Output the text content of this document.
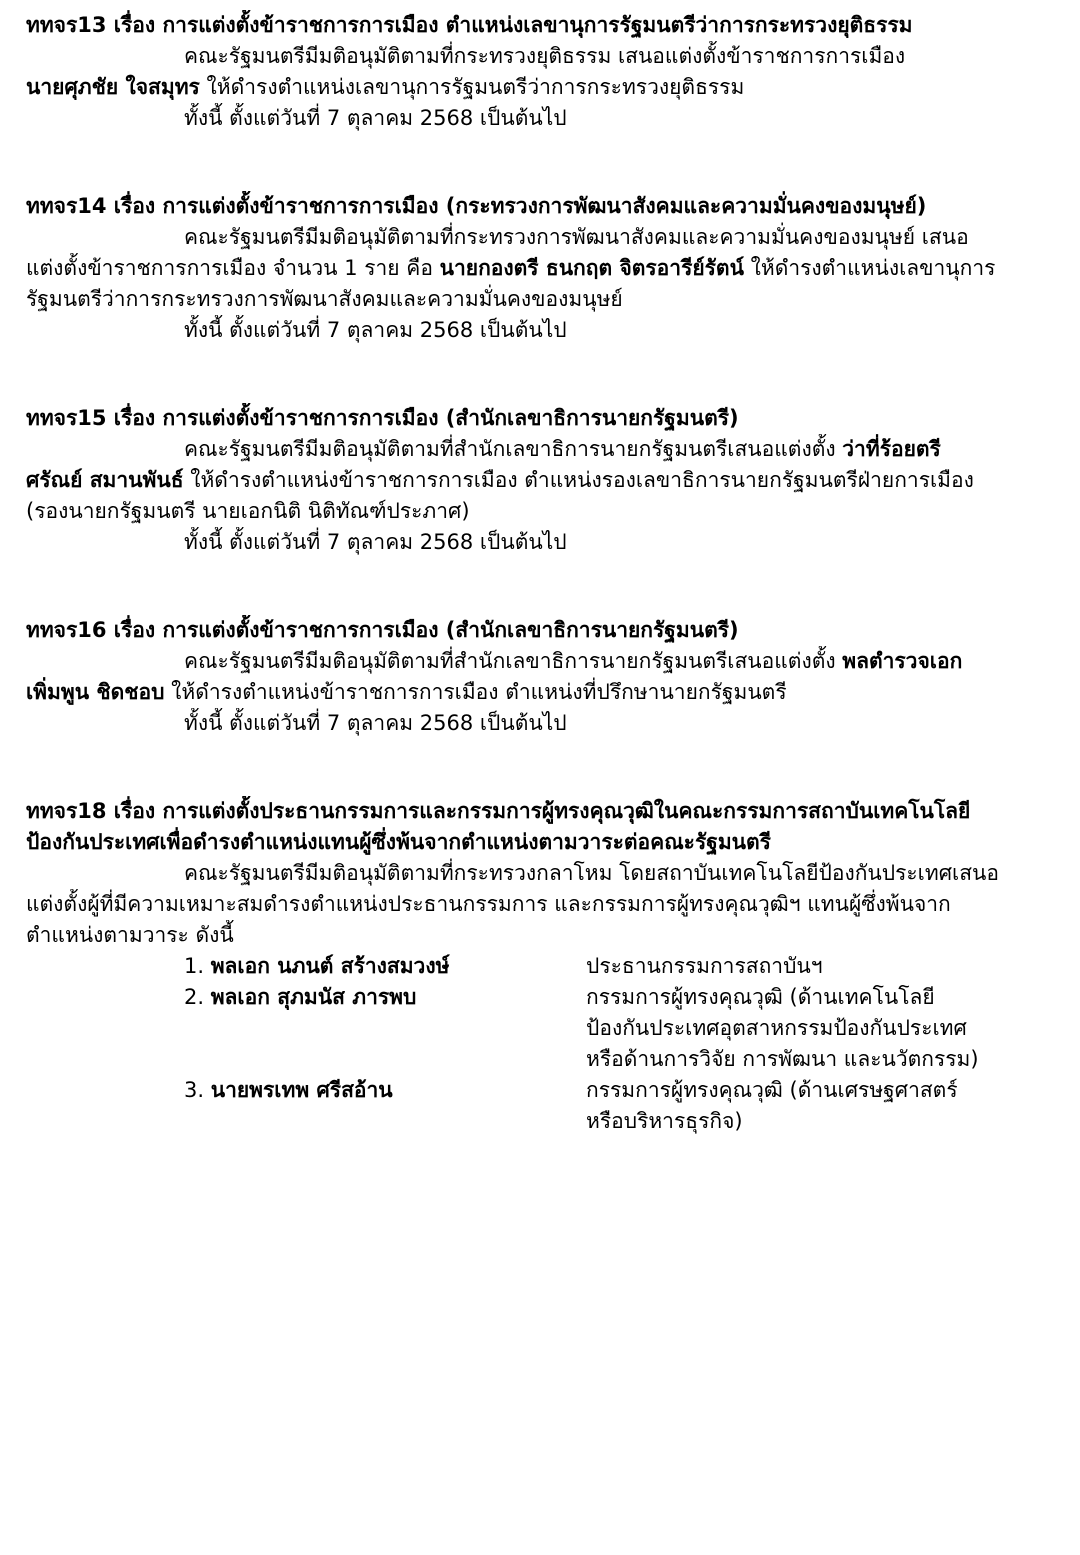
ททจร13 เรื่อง การแต่งตั้งข้าราชการการเมือง ตำแหน่งเลขานุการรัฐมนตรีว่าการกระทรวงยุติธรรม
คณะรัฐมนตรีมีมติอนุมัติตามที่กระทรวงยุติธรรม เสนอแต่งตั้งข้าราชการการเมือง
นายศุภชัย ใจสมุทร ให้ดำรงตำแหน่งเลขานุการรัฐมนตรีว่าการกระทรวงยุติธรรม
ทั้งนี้ ตั้งแต่วันที่ 7 ตุลาคม 2568 เป็นต้นไป
ททจร14 เรื่อง การแต่งตั้งข้าราชการการเมือง (กระทรวงการพัฒนาสังคมและความมั่นคงของมนุษย์)
คณะรัฐมนตรีมีมติอนุมัติตามที่กระทรวงการพัฒนาสังคมและความมั่นคงของมนุษย์ เสนอ
แต่งตั้งข้าราชการการเมือง จำนวน 1 ราย คือ นายกองตรี ธนกฤต จิตรอารีย์รัตน์ ให้ดำรงตำแหน่งเลขานุการ
รัฐมนตรีว่าการกระทรวงการพัฒนาสังคมและความมั่นคงของมนุษย์
ทั้งนี้ ตั้งแต่วันที่ 7 ตุลาคม 2568 เป็นต้นไป
ททจร15 เรื่อง การแต่งตั้งข้าราชการการเมือง (สำนักเลขาธิการนายกรัฐมนตรี)
คณะรัฐมนตรีมีมติอนุมัติตามที่สำนักเลขาธิการนายกรัฐมนตรีเสนอแต่งตั้ง ว่าที่ร้อยตรี
ศรัณย์ สมานพันธ์ ให้ดำรงตำแหน่งข้าราชการการเมือง ตำแหน่งรองเลขาธิการนายกรัฐมนตรีฝ่ายการเมือง
(รองนายกรัฐมนตรี นายเอกนิติ นิติทัณฑ์ประภาศ)
ทั้งนี้ ตั้งแต่วันที่ 7 ตุลาคม 2568 เป็นต้นไป
ททจร16 เรื่อง การแต่งตั้งข้าราชการการเมือง (สำนักเลขาธิการนายกรัฐมนตรี)
คณะรัฐมนตรีมีมติอนุมัติตามที่สำนักเลขาธิการนายกรัฐมนตรีเสนอแต่งตั้ง พลตำรวจเอก
เพิ่มพูน ชิดชอบ ให้ดำรงตำแหน่งข้าราชการการเมือง ตำแหน่งที่ปรึกษานายกรัฐมนตรี
ทั้งนี้ ตั้งแต่วันที่ 7 ตุลาคม 2568 เป็นต้นไป
ททจร18 เรื่อง การแต่งตั้งประธานกรรมการและกรรมการผู้ทรงคุณวุฒิในคณะกรรมการสถาบันเทคโนโลยี
ป้องกันประเทศเพื่อดำรงตำแหน่งแทนผู้ซึ่งพ้นจากตำแหน่งตามวาระต่อคณะรัฐมนตรี
คณะรัฐมนตรีมีมติอนุมัติตามที่กระทรวงกลาโหม โดยสถาบันเทคโนโลยีป้องกันประเทศเสนอ
แต่งตั้งผู้ที่มีความเหมาะสมดำรงตำแหน่งประธานกรรมการ และกรรมการผู้ทรงคุณวุฒิฯ แทนผู้ซึ่งพ้นจาก
ตำแหน่งตามวาระ ดังนี้
1. พลเอก นภนต์ สร้างสมวงษ์	ประธานกรรมการสถาบันฯ
2. พลเอก สุภมนัส ภารพบ	กรรมการผู้ทรงคุณวุฒิ (ด้านเทคโนโลยี
ป้องกันประเทศอุตสาหกรรมป้องกันประเทศ
หรือด้านการวิจัย การพัฒนา และนวัตกรรม)
3. นายพรเทพ ศรีสอ้าน	กรรมการผู้ทรงคุณวุฒิ (ด้านเศรษฐศาสตร์
หรือบริหารธุรกิจ)
